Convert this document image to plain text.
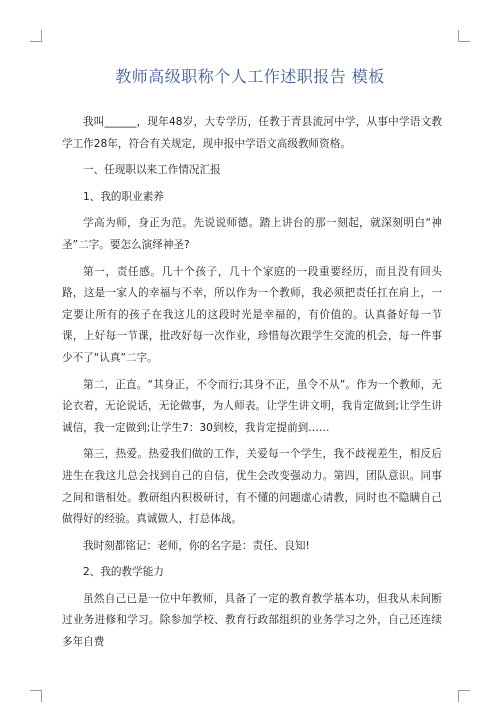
教师高级职称个人工作述职报告 模板

我叫______，现年48岁，大专学历，任教于青县流河中学，从事中学语文教学工作28年，符合有关规定，现申报中学语文高级教师资格。

一、任现职以来工作情况汇报

1、我的职业素养

学高为师，身正为范。先说说师德。踏上讲台的那一刻起，就深刻明白“神圣”二字。要怎么演绎神圣?

第一，责任感。几十个孩子，几十个家庭的一段重要经历，而且没有回头路，这是一家人的幸福与不幸，所以作为一个教师，我必须把责任扛在肩上，一定要让所有的孩子在我这儿的这段时光是幸福的，有价值的。认真备好每一节课，上好每一节课，批改好每一次作业，珍惜每次跟学生交流的机会，每一件事少不了“认真”二字。

第二，正直。“其身正，不令而行;其身不正，虽令不从”。作为一个教师，无论衣着，无论说话，无论做事，为人师表。让学生讲文明，我肯定做到;让学生讲诚信，我一定做到;让学生7：30到校，我肯定提前到……

第三，热爱。热爱我们做的工作，关爱每一个学生，我不歧视差生，相反后进生在我这儿总会找到自己的自信，优生会改变强动力。第四，团队意识。同事之间和谐相处。教研组内积极研讨，有不懂的问题虚心请教，同时也不隐瞒自己做得好的经验。真诚做人，打总体战。

我时刻都铭记：老师，你的名字是：责任、良知!

2、我的教学能力

虽然自己已是一位中年教师，具备了一定的教育教学基本功，但我从未间断过业务进修和学习。除参加学校、教育行政部组织的业务学习之外，自己还连续多年自费
